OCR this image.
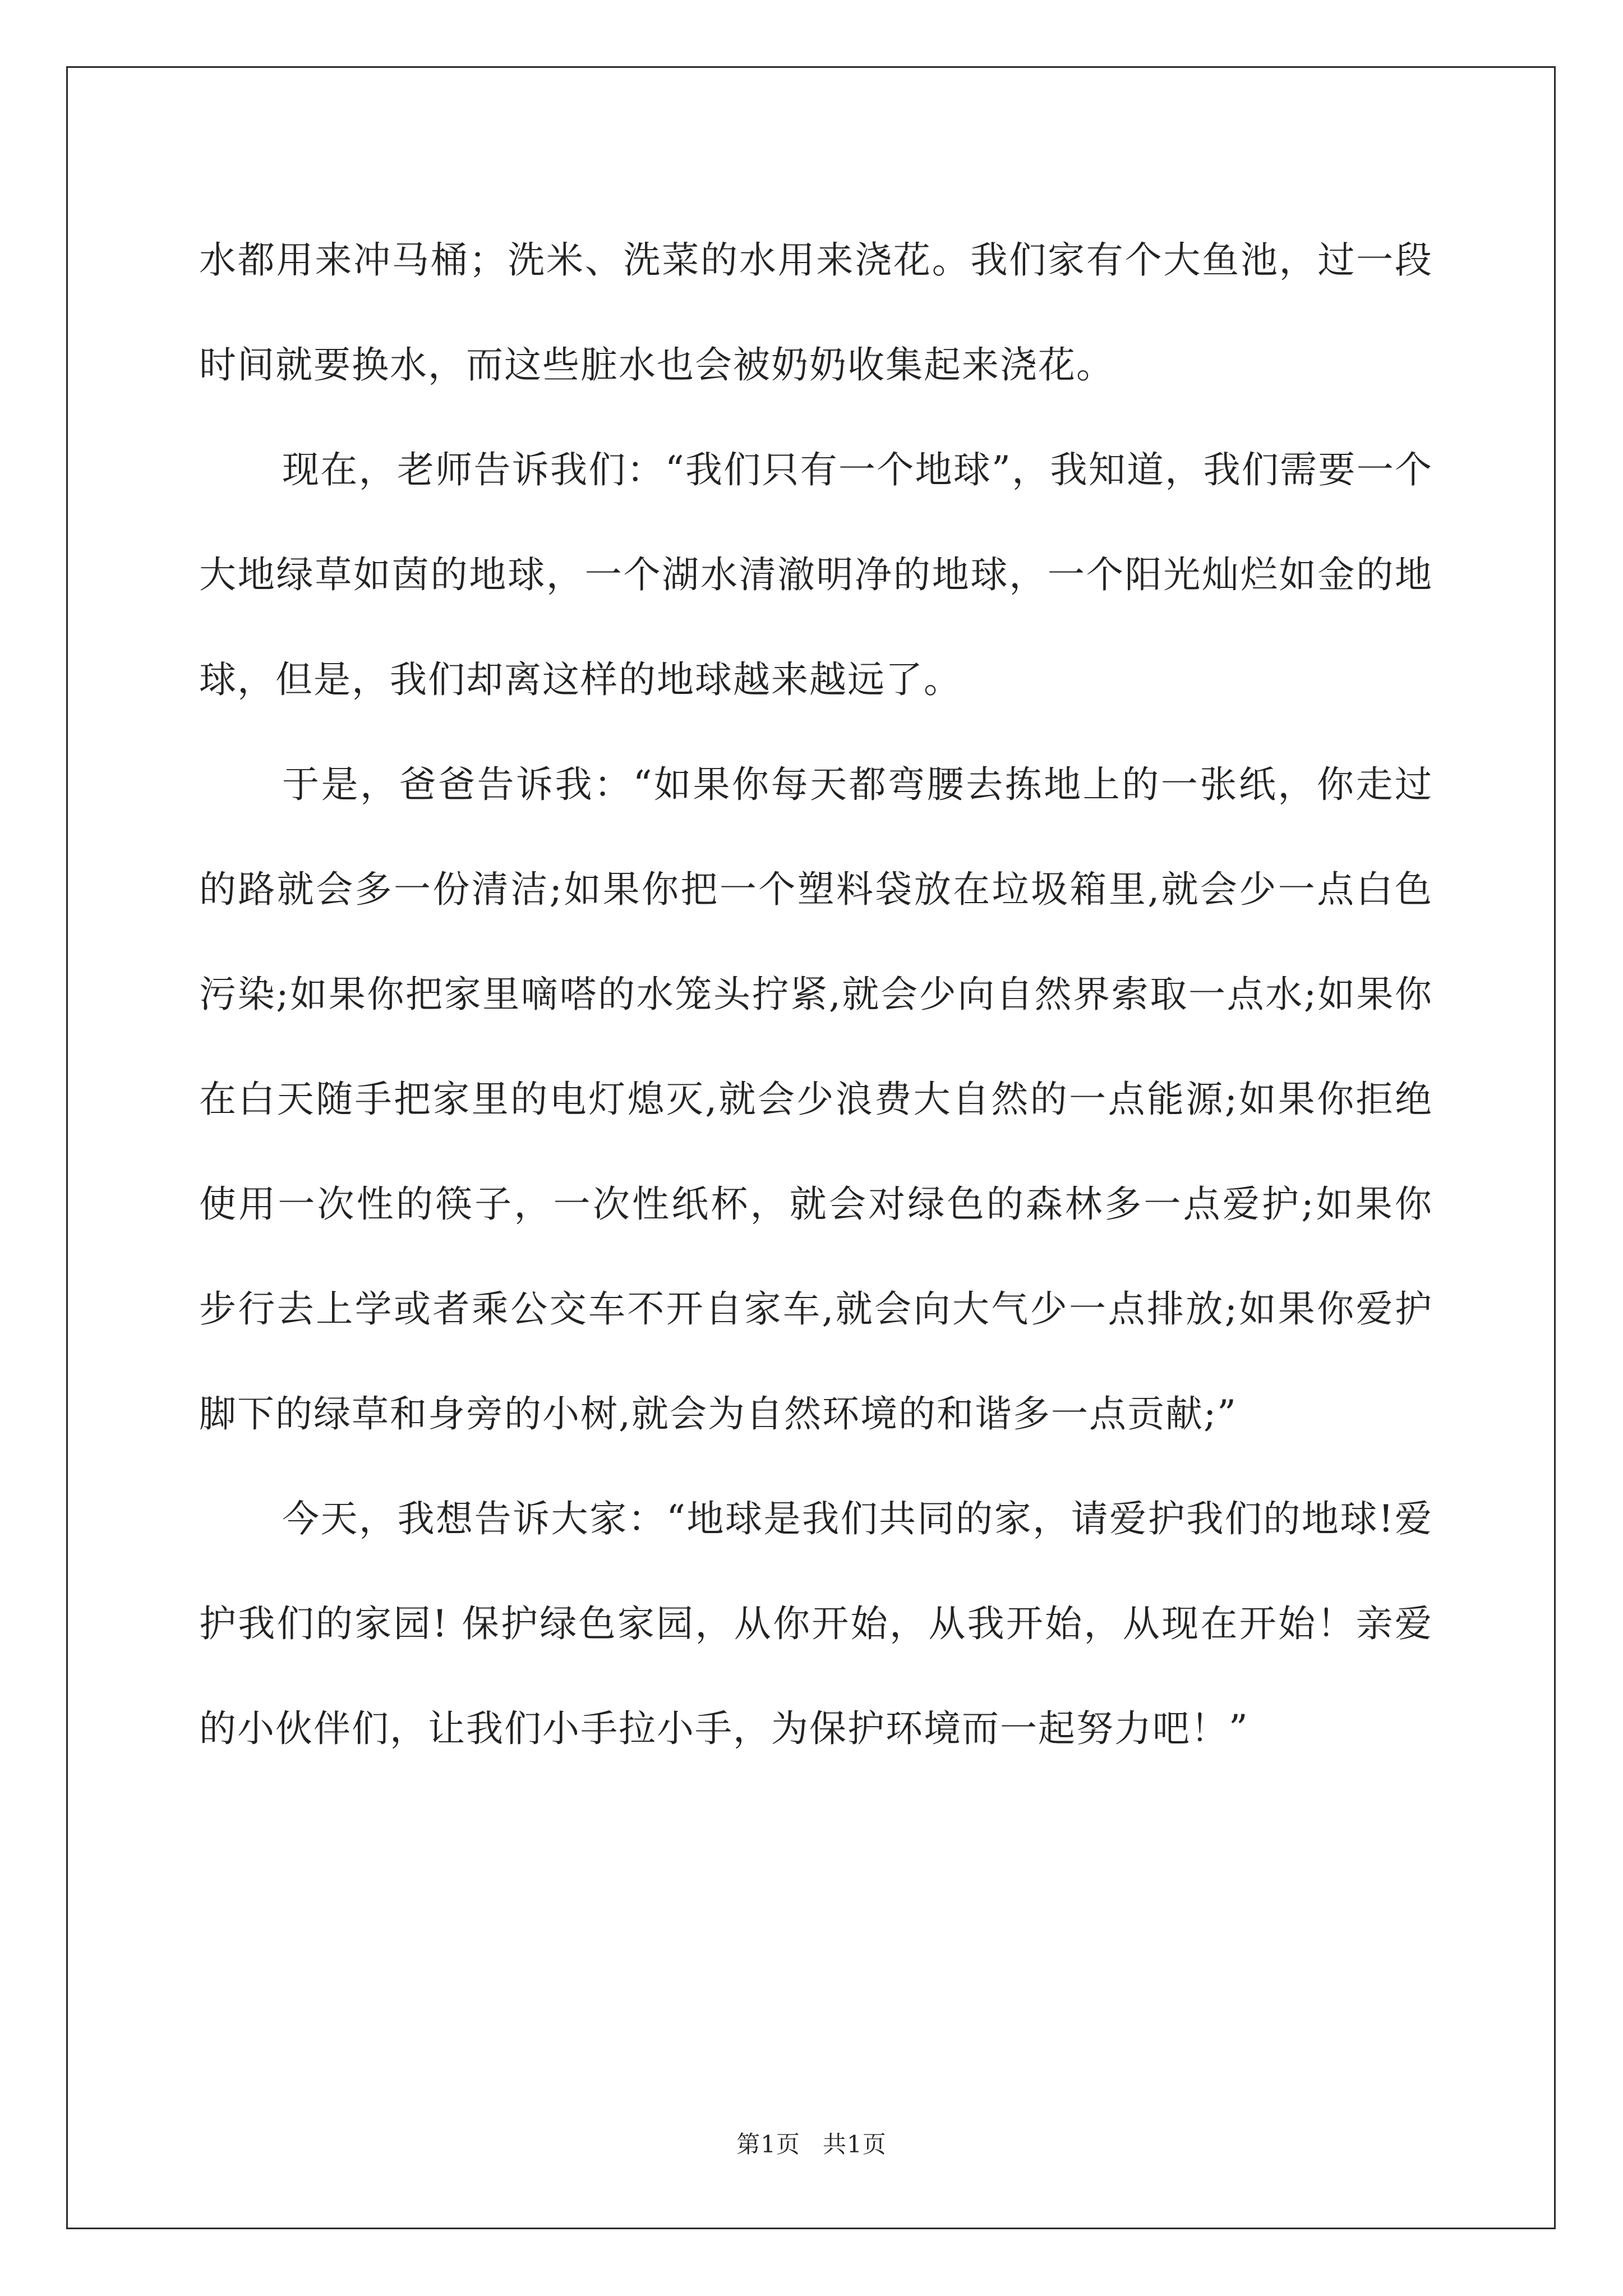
水都用来冲马桶；洗米、洗菜的水用来浇花。我们家有个大鱼池，过一段时间就要换水，而这些脏水也会被奶奶收集起来浇花。

现在，老师告诉我们：“我们只有一个地球”，我知道，我们需要一个大地绿草如茵的地球，一个湖水清澈明净的地球，一个阳光灿烂如金的地球，但是，我们却离这样的地球越来越远了。

于是，爸爸告诉我：“如果你每天都弯腰去拣地上的一张纸，你走过的路就会多一份清洁;如果你把一个塑料袋放在垃圾箱里,就会少一点白色污染;如果你把家里嘀嗒的水笼头拧紧,就会少向自然界索取一点水;如果你在白天随手把家里的电灯熄灭,就会少浪费大自然的一点能源;如果你拒绝使用一次性的筷子，一次性纸杯，就会对绿色的森林多一点爱护;如果你步行去上学或者乘公交车不开自家车,就会向大气少一点排放;如果你爱护脚下的绿草和身旁的小树,就会为自然环境的和谐多一点贡献;”

今天，我想告诉大家：“地球是我们共同的家，请爱护我们的地球!爱护我们的家园! 保护绿色家园，从你开始，从我开始，从现在开始！亲爱的小伙伴们，让我们小手拉小手，为保护环境而一起努力吧！”

第1页 共1页
